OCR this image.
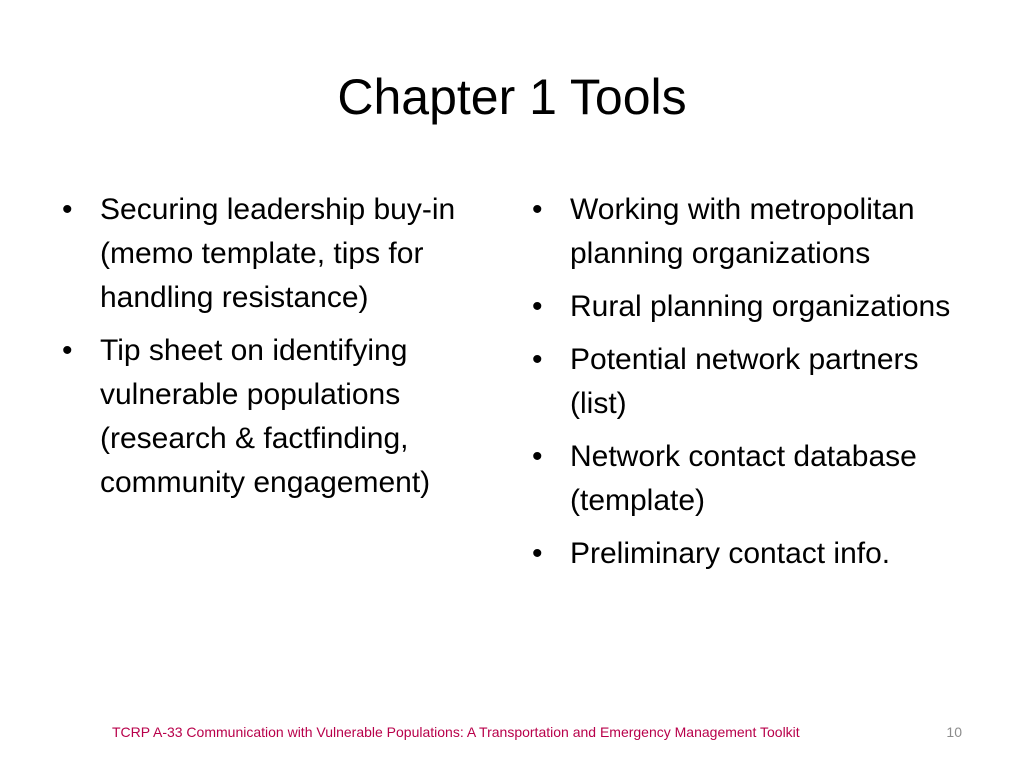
Chapter 1 Tools
• Securing leadership buy-in (memo template, tips for handling resistance)
• Tip sheet on identifying vulnerable populations (research & factfinding, community engagement)
• Working with metropolitan planning organizations
• Rural planning organizations
• Potential network partners (list)
• Network contact database (template)
• Preliminary contact info.
TCRP A-33 Communication with Vulnerable Populations: A Transportation and Emergency Management Toolkit	10
